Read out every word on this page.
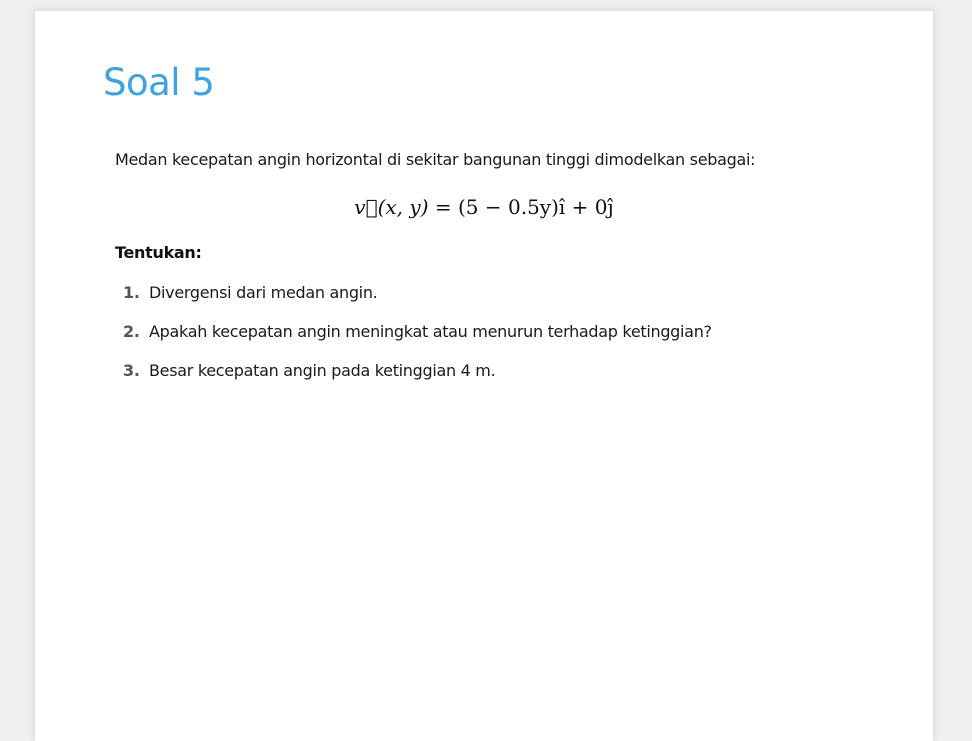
Soal 5
Medan kecepatan angin horizontal di sekitar bangunan tinggi dimodelkan sebagai:
v⃗(x, y) = (5 − 0.5y)î + 0ĵ
Tentukan:
1. Divergensi dari medan angin.
2. Apakah kecepatan angin meningkat atau menurun terhadap ketinggian?
3. Besar kecepatan angin pada ketinggian 4 m.
